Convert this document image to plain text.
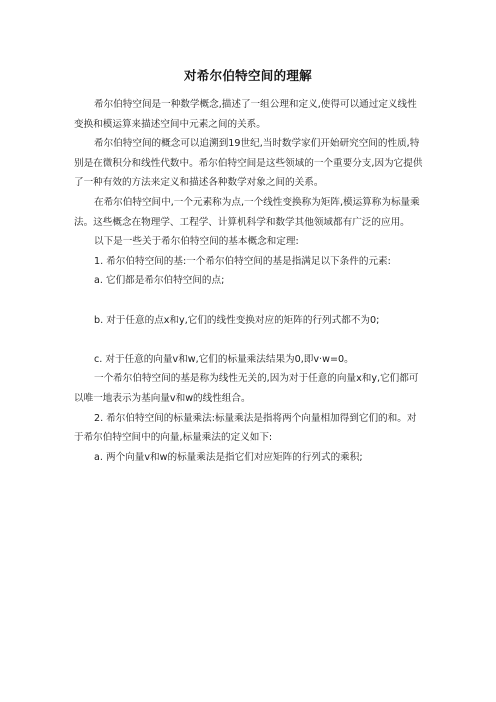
对希尔伯特空间的理解

希尔伯特空间是一种数学概念,描述了一组公理和定义,使得可以通过定义线性变换和模运算来描述空间中元素之间的关系。

希尔伯特空间的概念可以追溯到19世纪,当时数学家们开始研究空间的性质,特别是在微积分和线性代数中。希尔伯特空间是这些领域的一个重要分支,因为它提供了一种有效的方法来定义和描述各种数学对象之间的关系。

在希尔伯特空间中,一个元素称为点,一个线性变换称为矩阵,模运算称为标量乘法。这些概念在物理学、工程学、计算机科学和数学其他领域都有广泛的应用。

以下是一些关于希尔伯特空间的基本概念和定理:

1. 希尔伯特空间的基:一个希尔伯特空间的基是指满足以下条件的元素:

a. 它们都是希尔伯特空间的点;

b. 对于任意的点x和y,它们的线性变换对应的矩阵的行列式都不为0;

c. 对于任意的向量v和w,它们的标量乘法结果为0,即v·w=0。

一个希尔伯特空间的基是称为线性无关的,因为对于任意的向量x和y,它们都可以唯一地表示为基向量v和w的线性组合。

2. 希尔伯特空间的标量乘法:标量乘法是指将两个向量相加得到它们的和。对于希尔伯特空间中的向量,标量乘法的定义如下:

a. 两个向量v和w的标量乘法是指它们对应矩阵的行列式的乘积;
